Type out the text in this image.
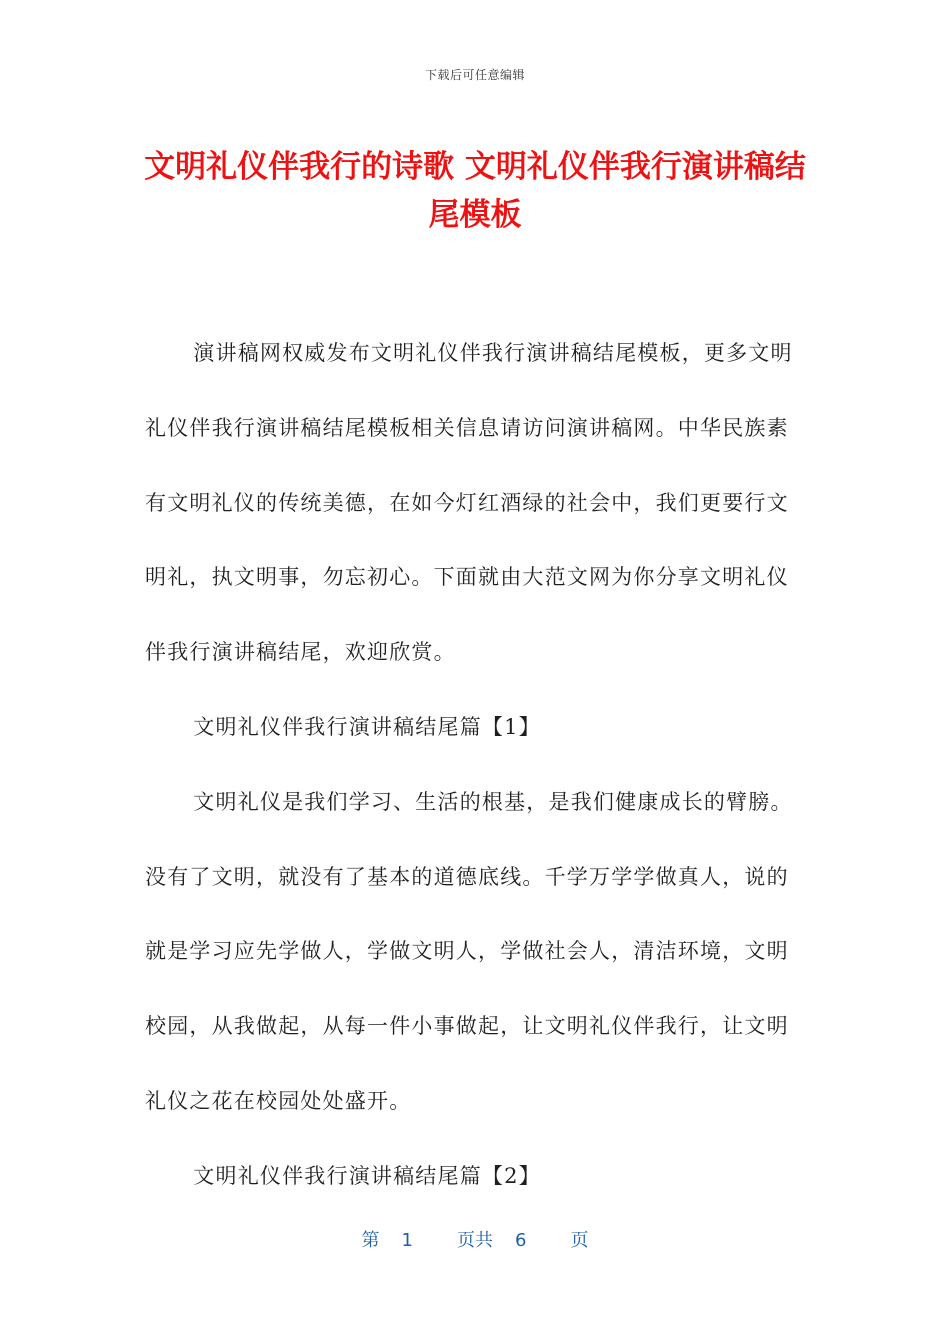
下载后可任意编辑
文明礼仪伴我行的诗歌 文明礼仪伴我行演讲稿结尾模板

演讲稿网权威发布文明礼仪伴我行演讲稿结尾模板，更多文明礼仪伴我行演讲稿结尾模板相关信息请访问演讲稿网。中华民族素有文明礼仪的传统美德，在如今灯红酒绿的社会中，我们更要行文明礼，执文明事，勿忘初心。下面就由大范文网为你分享文明礼仪伴我行演讲稿结尾，欢迎欣赏。

文明礼仪伴我行演讲稿结尾篇【1】

文明礼仪是我们学习、生活的根基，是我们健康成长的臂膀。没有了文明，就没有了基本的道德底线。千学万学学做真人，说的就是学习应先学做人，学做文明人，学做社会人，清洁环境，文明校园，从我做起，从每一件小事做起，让文明礼仪伴我行，让文明礼仪之花在校园处处盛开。

文明礼仪伴我行演讲稿结尾篇【2】

第 1 页共 6 页
